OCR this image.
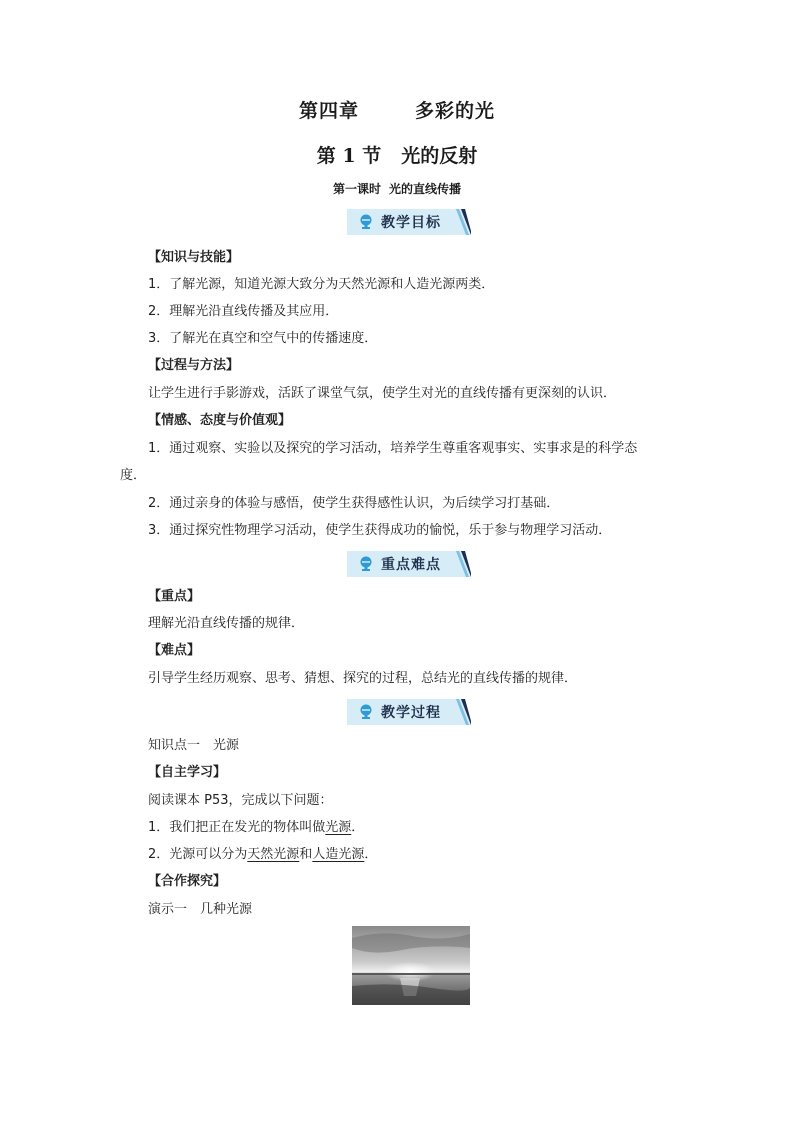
第四章	多彩的光
第 1 节 光的反射
第一课时 光的直线传播
教学目标
【知识与技能】
1．了解光源，知道光源大致分为天然光源和人造光源两类．
2．理解光沿直线传播及其应用．
3．了解光在真空和空气中的传播速度．
【过程与方法】
让学生进行手影游戏，活跃了课堂气氛，使学生对光的直线传播有更深刻的认识．
【情感、态度与价值观】
1．通过观察、实验以及探究的学习活动，培养学生尊重客观事实、实事求是的科学态
度．
2．通过亲身的体验与感悟，使学生获得感性认识，为后续学习打基础．
3．通过探究性物理学习活动，使学生获得成功的愉悦，乐于参与物理学习活动．
重点难点
【重点】
理解光沿直线传播的规律．
【难点】
引导学生经历观察、思考、猜想、探究的过程，总结光的直线传播的规律．
教学过程
知识点一　光源
【自主学习】
阅读课本 P53，完成以下问题：
1．我们把正在发光的物体叫做光源．
2．光源可以分为天然光源和人造光源．
【合作探究】
演示一　几种光源
